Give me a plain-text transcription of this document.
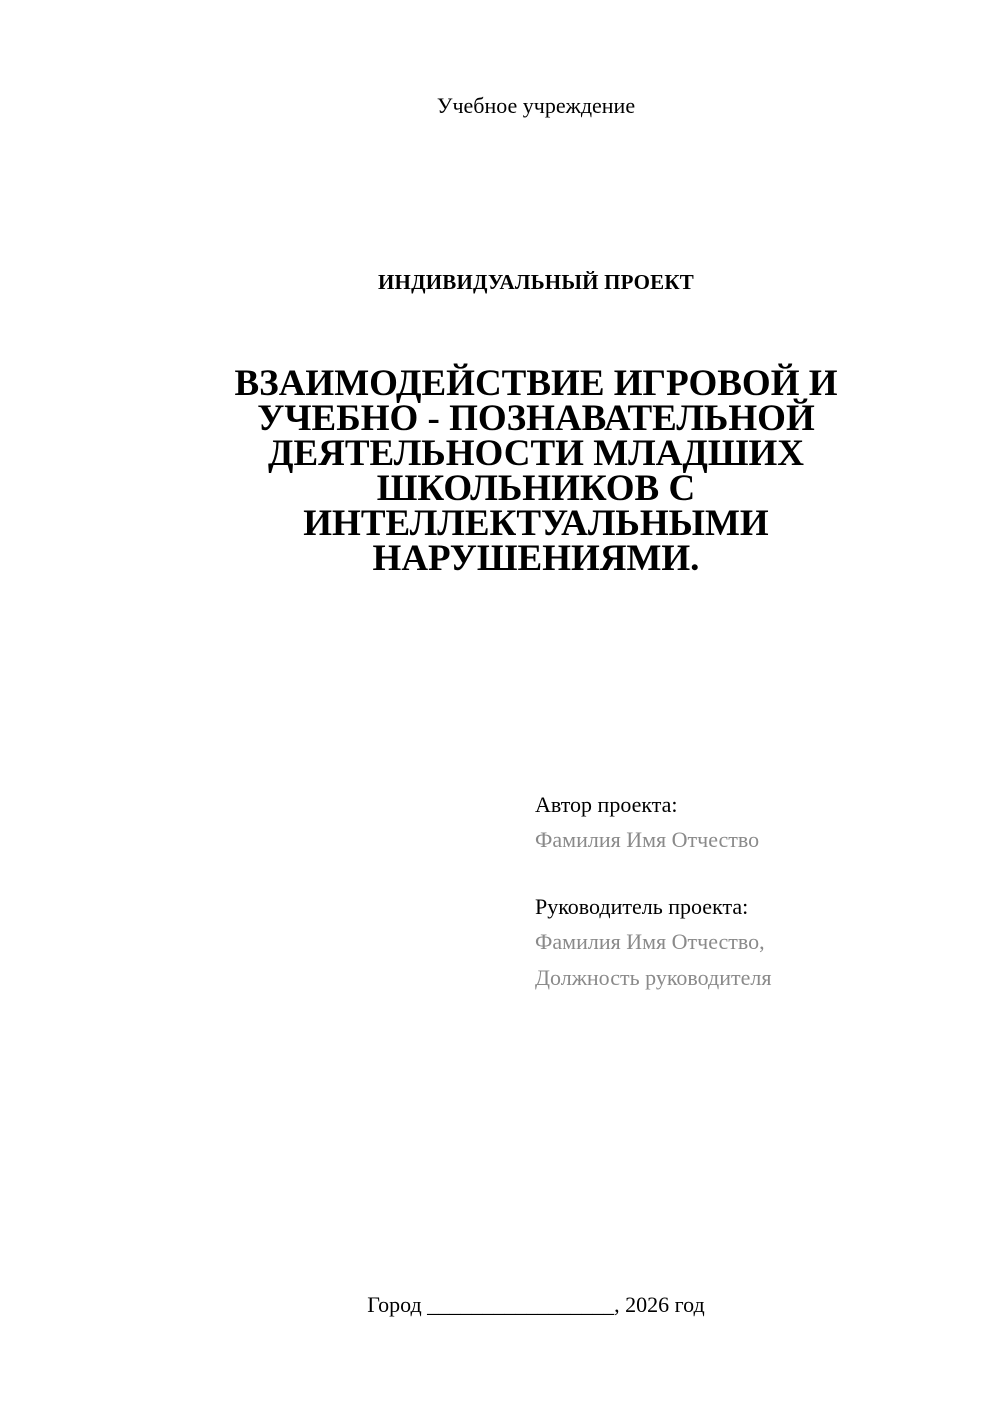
Учебное учреждение
ИНДИВИДУАЛЬНЫЙ ПРОЕКТ
ВЗАИМОДЕЙСТВИЕ ИГРОВОЙ И
УЧЕБНО - ПОЗНАВАТЕЛЬНОЙ
ДЕЯТЕЛЬНОСТИ МЛАДШИХ
ШКОЛЬНИКОВ С
ИНТЕЛЛЕКТУАЛЬНЫМИ
НАРУШЕНИЯМИ.
Автор проекта:
Фамилия Имя Отчество
Руководитель проекта:
Фамилия Имя Отчество,
Должность руководителя
Город _________________, 2026 год
